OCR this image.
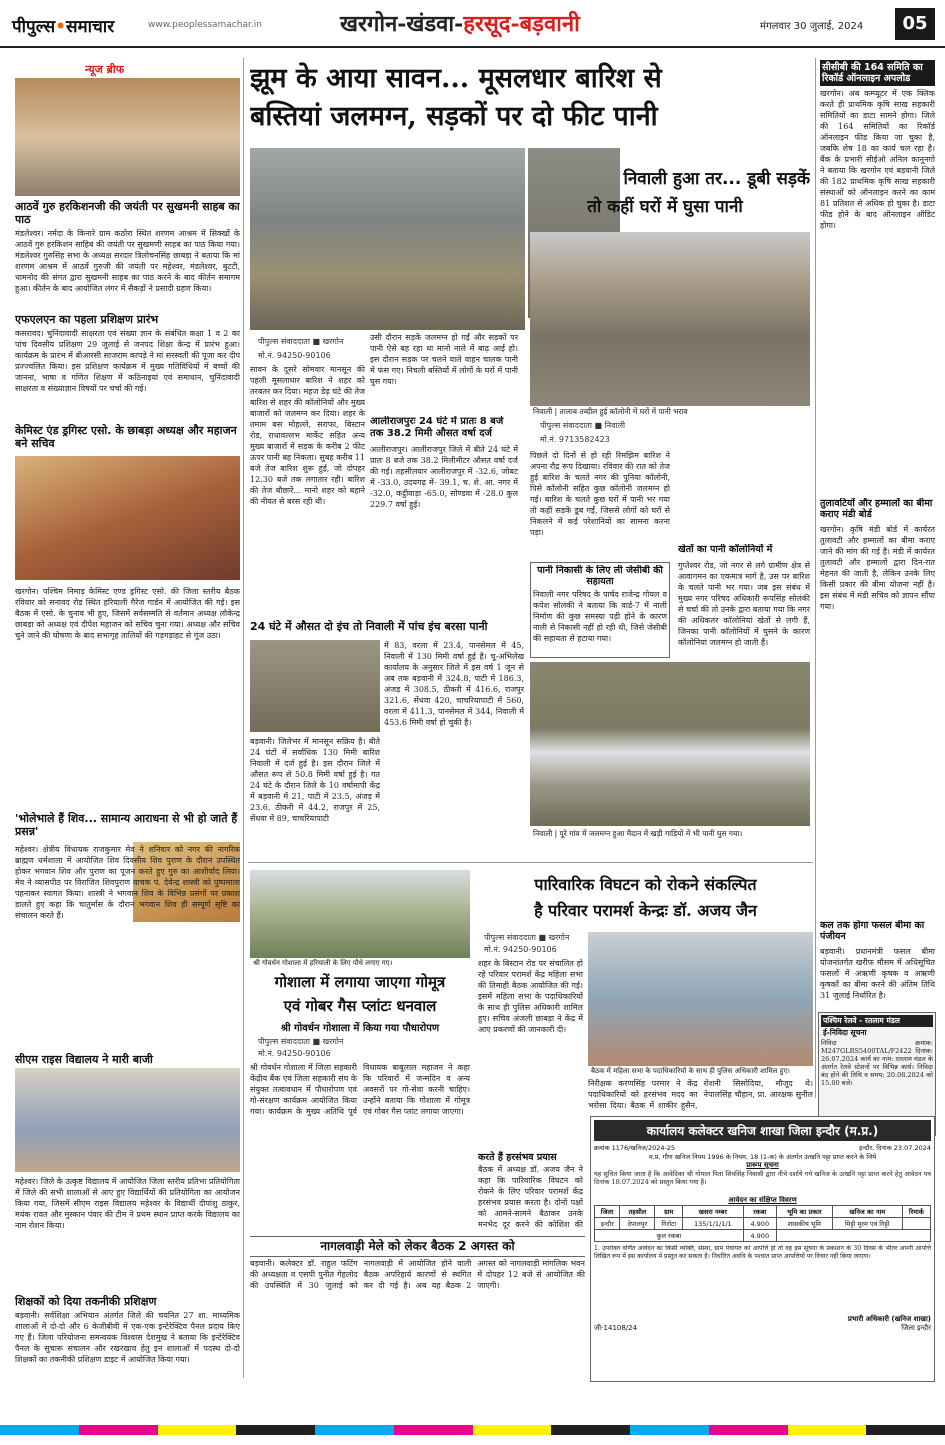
पीपुल्स•समाचार	www.peoplessamachar.in	खरगोन-खंडवा-हरसूद-बड़वानी	मंगलवार 30 जुलाई, 2024	05
न्यूज ब्रीफ
आठवें गुरु हरकिशनजी की जयंती पर सुखमनी साहब का पाठ
मंडलेश्वर। नर्मदा के किनारे ग्राम कठोरा स्थित शरणम आश्रम में सिक्खों के आठवें गुरु हरकिशन साहिब की जयंती पर सुखमणी साहब का पाठ किया गया। मंडलेश्वर गुरुसिंह सभा के अध्यक्ष सरदार त्रिलोचनसिंह छाबड़ा ने बताया कि मां शरणम आश्रम में आठवें गुरुजी की जयंती पर महेश्वर, मंडलेश्वर, बुटटी, धामनोद की संगत द्वारा सुखमनी साहब का पाठ करने के बाद कीर्तन समागम हुआ। कीर्तन के बाद आयोजित लंगर में सैकड़ों ने प्रसादी ग्रहण किया।
एफएलएन का पहला प्रशिक्षण प्रारंभ
कसरावद। चुनिंदावादी साक्षरता एवं संख्या ज्ञान के संबंधित कक्षा 1 व 2 का पांच दिवसीय प्रशिक्षण 29 जुलाई से जनपद शिक्षा केन्द्र में प्रारंभ हुआ। कार्यक्रम के प्रारंभ में बीआरसी साजराम कापड़े ने मां सरस्वती की पूजा कर दीप प्रज्ज्वलित किया। इस प्रशिक्षण कार्यक्रम में मुख्य गतिविधियों में बच्चों की जानना, भाषा व गणित शिक्षण में कठिनाइयां एवं समाधान, चुनिंदावादी साक्षरता व संख्याज्ञान विषयों पर चर्चा की गई।
केमिस्ट एंड ड्रगिस्ट एसो. के छाबड़ा अध्यक्ष और महाजन बने सचिव
खरगोन। पश्चिम निमाड़ केमिस्ट एण्ड ड्रगिस्ट एसो. की जिला स्तरीय बैठक रविवार को सनावद रोड स्थित हरियाली गैरेज गार्डन में आयोजित की गई। इस बैठक में एसो. के चुनाव भी हुए, जिसमें सर्वसम्मति से वर्तमान अध्यक्ष लोकेन्द्र छाबड़ा को अध्यक्ष एवं दीपेश महाजन को सचिव चुना गया। अध्यक्ष और सचिव चुने जाने की घोषणा के बाद सभागृह तालियों की गड़गड़ाहट से गूंज उठा।
'भोलेभाले हैं शिव... सामान्य आराधना से भी हो जाते हैं प्रसन्न'
महेश्वर। क्षेत्रीय विधायक राजकुमार मेव ने शनिवार को नगर की नागरिक ब्राह्मण धर्मशाला में आयोजित शिव दिवसीय शिव पुराण के दौरान उपस्थित होकर भगवान शिव और पुराण का पूजन करते हुए गुरु का आशीर्वाद लिया। मेव ने व्यासपीठ पर विराजित शिवपुराण वाचक पं. देवेन्द्र शास्त्री को पुष्पमाला पहनाकर स्वागत किया। शास्त्री ने भगवान शिव के विभिन्न प्रसंगों पर प्रकाश डालते हुए कहा कि चातुर्मास के दौरान भगवान शिव ही सम्पूर्ण सृष्टि का संचालन करते हैं।
सीएम राइस विद्यालय ने मारी बाजी
महेश्वर। जिले के उत्कृष्ट विद्यालय में आयोजित जिला स्तरीय प्रतिभा प्रतियोगिता में जिले की सभी शालाओं से आए हुए विद्यार्थियों की प्रतियोगिता का आयोजन किया गया, जिसमें सीएम राइस विद्यालय महेश्वर के विद्यार्थी दीपांशु ठाकुर, मयंक रावत और मुस्कान पंवार की टीम ने प्रथम स्थान प्राप्त करके विद्यालय का नाम रोशन किया।
शिक्षकों को दिया तकनीकी प्रशिक्षण
बड़वानी। सर्वशिक्षा अभियान अंतर्गत जिले की चयनित 27 शा. माध्यमिक शालाओं में दो-दो और 6 केजीबीवी में एक-एक इन्टेरेक्टिव पैनल प्रदाय किए गए हैं। जिला परियोजना समन्वयक विश्वास देशमुख ने बताया कि इन्टेरेक्टिव पैनल के सुचारू संचालन और रखरखाव हेतु इन शालाओं में पदस्थ दो-दो शिक्षकों का तकनीकी प्रशिक्षण डाइट में आयोजित किया गया।
झूम के आया सावन... मूसलधार बारिश से
बस्तियां जलमग्न, सड़कों पर दो फीट पानी
निवाली हुआ तर... डूबी सड़कें
तो कहीं घरों में घुसा पानी
निवाली | तालाब तब्दील हुई कॉलोनी में घरों में पानी भराव
पीपुल्स संवाददाता ■ खरगोन
मो.नं. 94250-90106
सावन के दूसरे सोमवार मानसून की पहली मूसलाधार बारिश ने शहर को तरबतर कर दिया। महज डेढ़ घंटे की तेज बारिश से शहर की कॉलोनियों और मुख्य बाजारों को जलमग्न कर दिया। शहर के तमाम बस मोहल्ले, सराफा, बिस्टान रोड, राधावल्लभ मार्केट सहित अन्य मुख्य बाजारों में सड़क के करीब 2 फीट ऊपर पानी बह निकला। सुबह करीब 11 बजे तेज बारिश शुरू हुई, जो दोपहर 12.30 बजे तक लगातार रही। बारिश की तेज बौछारें... मानो शहर को बहाने की नीयत से बरस रही थी।
उसी दौरान सड़कें जलमग्न हो गईं और सड़कों पर पानी ऐसे बह रहा था मानो नाले में बाढ़ आई हो। इस दौरान सड़क पर चलने वाले वाहन चालक पानी में फंस गए। निचली बस्तियों में लोगों के घरों में पानी घुस गया।
आलीराजपुरः 24 घंटे में प्रातः 8 बजे तक 38.2 मिमी औसत वर्षा दर्ज
आलीराजपुर। आलीराजपुर जिले में बीते 24 घंटे में प्रातः 8 बजे तक 38.2 मिलीमीटर औसत वर्षा दर्ज की गई। तहसीलवार आलीराजपुर में -32.6, जोबट में -33.0, उदयगढ़ में- 39.1, च. शे. आ. नगर में -32.0, कट्ठीवाड़ा -65.0, सोण्डवा में -28.0 कुल 229.7 वर्षा हुई।
पीपुल्स संवाददाता ■ निवाली
मो.नं. 9713582423
पिछले दो दिनों से हो रही रिमझिम बारिश ने अपना रौद्र रूप दिखाया। रविवार की रात को तेज हुई बारिश के चलते नगर की पुनिया कॉलोनी, पिसे कॉलोनी सहित कुछ कॉलोनी जलमग्न हो गई। बारिश के चलते कुछ घरों में पानी भर गया तो कहीं सड़कें डूब गईं, जिससे लोगों को घरों से निकलने में कई परेशानियों का सामना करना पड़ा।
पानी निकासी के लिए ली जेसीबी की सहायता
निवाली नगर परिषद के पार्षद राजेन्द्र गोयल व कपेश सोलंकी ने बताया कि वार्ड-7 में नाली निर्माण की कुछ समस्या पड़ी होने के कारण नाली से निकासी नहीं हो रही थी, जिसे जेसीबी की सहायता से हटाया गया।
खेतों का पानी कॉलोनियों में
गुप्तेश्वर रोड, जो नगर से लगे ग्रामीण क्षेत्र से आवागमन का एकमात्र मार्ग है, उस पर बारिश के चलते पानी भर गया। जब इस संबंध में मुख्य नगर परिषद अधिकारी रूपसिंह सोलंकी से चर्चा की तो उनके द्वारा बताया गया कि नगर की अधिकतर कॉलोनियां खेतों से लगी हैं, जिनका पानी कॉलोनियों में घुसने के कारण कॉलोनियां जलमग्न हो जाती हैं।
24 घंटे में औसत दो इंच तो निवाली में पांच इंच बरसा पानी
बड़वानी। जिलेभर में मानसून सक्रिय है। बीते 24 घंटों में सर्वाधिक 130 मिमी बारिश निवाली में दर्ज हुई है। इस दौरान जिले में औसत रूप से 50.8 मिमी वर्षा हुई है। गत 24 घंटे के दौरान जिले के 10 वर्षामापी केंद्र में बड़वानी में 21, पाटी में 23.5, अंजड़ में 23.6, ठीकरी में 44.2, राजपुर में 25, सेंधवा में 89, चाचरियापाटी
में 83, वरला में 23.4, पानसेमल में 45, निवाली में 130 मिमी वर्षा हुई है। चू-अभिलेख कार्यालय के अनुसार जिले में इस वर्ष 1 जून से अब तक बड़वानी में 324.8, पाटी में 186.3, अंजड़ में 308.5, ठीकरी में 416.6, राजपुर 321.6, सेंधवा 420, चाचरियापाटी में 560, वरला में 411.3, पानसेमल में 344, निवाली में 453.6 मिमी वर्षा हो चुकी है।
निवाली | पूरे गांव में जलमग्न हुआ मैदान में खड़ी गाड़ियों में भी पानी घुस गया।
सीसीबी की 164 समिति का रिकॉर्ड ऑनलाइन अपलोड
खरगोन। अब कम्प्यूटर में एक क्लिक करते ही प्राथमिक कृषि साख सहकारी समितियों का डाटा सामने होगा। जिले की 164 समितियों का रिकॉर्ड ऑनलाइन फीड किया जा चुका है, जबकि शेष 18 का कार्य चल रहा है। बैंक के प्रभारी सीईओ अनिल कानूनगो ने बताया कि खरगोन एवं बड़वानी जिले की 182 प्राथमिक कृषि साख सहकारी संस्थाओं को ऑनलाइन करने का काम 81 प्रतिशत से अधिक हो चुका है। डाटा फीड होने के बाद ऑनलाइन ऑडिट होगा।
तुलावटियों और हम्मालों का बीमा कराए मंडी बोर्ड
खरगोन। कृषि मंडी बोर्ड में कार्यरत तुलावटी और हम्मालों का बीमा कराए जाने की मांग की गई है। मंडी में कार्यरत तुलावटी और हम्मालों द्वारा दिन-रात मेहनत की जाती है, लेकिन उनके लिए किसी प्रकार की बीमा योजना नहीं है। इस संबंध में मंडी सचिव को ज्ञापन सौंपा गया।
कल तक होगा फसल बीमा का पंजीयन
बड़वानी। प्रधानमंत्री फसल बीमा योजनांतर्गत खरीफ मौसम में अधिसूचित फसलों में अऋणी कृषक व अऋणी कृषकों का बीमा करने की अंतिम तिथि 31 जुलाई निर्धारित है।
पश्चिम रेलवे - रतलाम मंडल
ई-निविदा सूचना
निविदा क्रमांक: M247GLRS5400TAL/F2422 दिनांक: 26.07.2024 कार्य का नाम: रतलाम मंडल के अंतर्गत रेलवे स्टेशनों पर विभिन्न कार्य। निविदा बंद होने की तिथि व समय: 20.08.2024 को 15.00 बजे।
श्री गोवर्धन गोशाला में हरियाली के लिए पौधे लगाए गए।
गोशाला में लगाया जाएगा गोमूत्र
एवं गोबर गैस प्लांटः धनवाल
श्री गोवर्धन गोशाला में किया गया पौधारोपण
पीपुल्स संवाददाता ■ खरगोन
मो.नं. 94250-90106
श्री गोवर्धन गोशाला में जिला सहकारी केंद्रीय बैंक एवं जिला सहकारी संघ के संयुक्त तत्वावधान में पौधारोपण एवं गो-संरक्षण कार्यक्रम आयोजित किया गया। कार्यक्रम के मुख्य अतिथि पूर्व विधायक बाबूलाल महाजन ने कहा कि परिवारों में जन्मदिन व अन्य अवसरों पर गो-सेवा करनी चाहिए। उन्होंने बताया कि गोशाला में गोमूत्र एवं गोबर गैस प्लांट लगाया जाएगा।
पारिवारिक विघटन को रोकने संकल्पित
है परिवार परामर्श केन्द्रः डॉ. अजय जैन
पीपुल्स संवाददाता ■ खरगोन
मो.नं. 94250-90106
शहर के बिस्टान रोड पर संचालित हो रहे परिवार परामर्श केंद्र महिला सभा की तिमाही बैठक आयोजित की गई। इसमें महिला सभा के पदाधिकारियों के साथ ही पुलिस अधिकारी शामिल हुए। सचिव अंजली छाबड़ा ने केंद्र में आए प्रकरणों की जानकारी दी।
बैठक में महिला सभा के पदाधिकारियों के साथ ही पुलिस अधिकारी शामिल हुए।
निरीक्षक करणसिंह परमार ने केंद्र पदाधिकारियों को हरसंभव मदद का भरोसा दिया। बैठक में शाकीर हुसैन, रोशनी सिसोदिया, मौजूद थे। नेपालसिंह चौहान, प्रा. आरक्षक सुनील
करते हैं हरसंभव प्रयास
बैठक में अध्यक्ष डॉ. अजय जैन ने कहा कि पारिवारिक विघटन को रोकने के लिए परिवार परामर्श केंद्र हरसंभव प्रयास करता है। दोनों पक्षों को आमने-सामने बैठाकर उनके मनभेद दूर करने की कोशिश की
कार्यालय कलेक्टर खनिज शाखा जिला इन्दौर (म.प्र.)
क्रमांक 1176/खनिज/2024-25	इन्दौर, दिनांक 23.07.2024
म.प्र. गौण खनिज नियम 1996 के नियम, 18 (1-क) के अंतर्गत उत्खनि पट्टा प्राप्त करने के लिये
प्रारूप सूचना
यह सूचित किया जाता है कि आवेदिका श्री गोपाल पिता शिवसिंह निवासी द्वारा नीचे दर्शाये गये खनिज के उत्खनि पट्टा प्राप्त करने हेतु आवेदन पत्र दिनांक 18.07.2024 को प्रस्तुत किया गया है।
आवेदन का संक्षिप्त विवरण
जिला	तहसील	ग्राम	खसरा नम्बर	रकबा	भूमि का प्रकार	खनिज का नाम	रिमार्क
इन्दौर	देपालपुर	गिरोटा	135/1/1/1/1	4.900	शासकीय भूमि	मिट्टी मुरम एवं गिट्टी	
कुल रकबा				4.900			
1. उपरोक्त वर्णित आवेदन का किसी व्यक्ति, संस्था, ग्राम पंचायत को आपत्ति हो तो वह इस सूचना के प्रकाशन के 30 दिवस के भीतर अपनी आपत्ति लिखित रूप में इस कार्यालय में प्रस्तुत कर सकता है। निर्धारित अवधि के पश्चात प्राप्त आपत्तियों पर विचार नहीं किया जाएगा।
प्रभारी अधिकारी (खनिज शाखा)
जी-14108/24	जिला इन्दौर
नागलवाड़ी मेले को लेकर बैठक 2 अगस्त को
बड़वानी। कलेक्टर डॉ. राहुल फटिंग की अध्यक्षता व एसपी पुनीत गेहलोद की उपस्थिति में 30 जुलाई को नागलवाड़ी में आयोजित होने वाली बैठक अपरिहार्य कारणों से स्थगित कर दी गई है। अब यह बैठक 2 अगस्त को नागलवाड़ी मांगलिक भवन में दोपहर 12 बजे से आयोजित की जाएगी।
